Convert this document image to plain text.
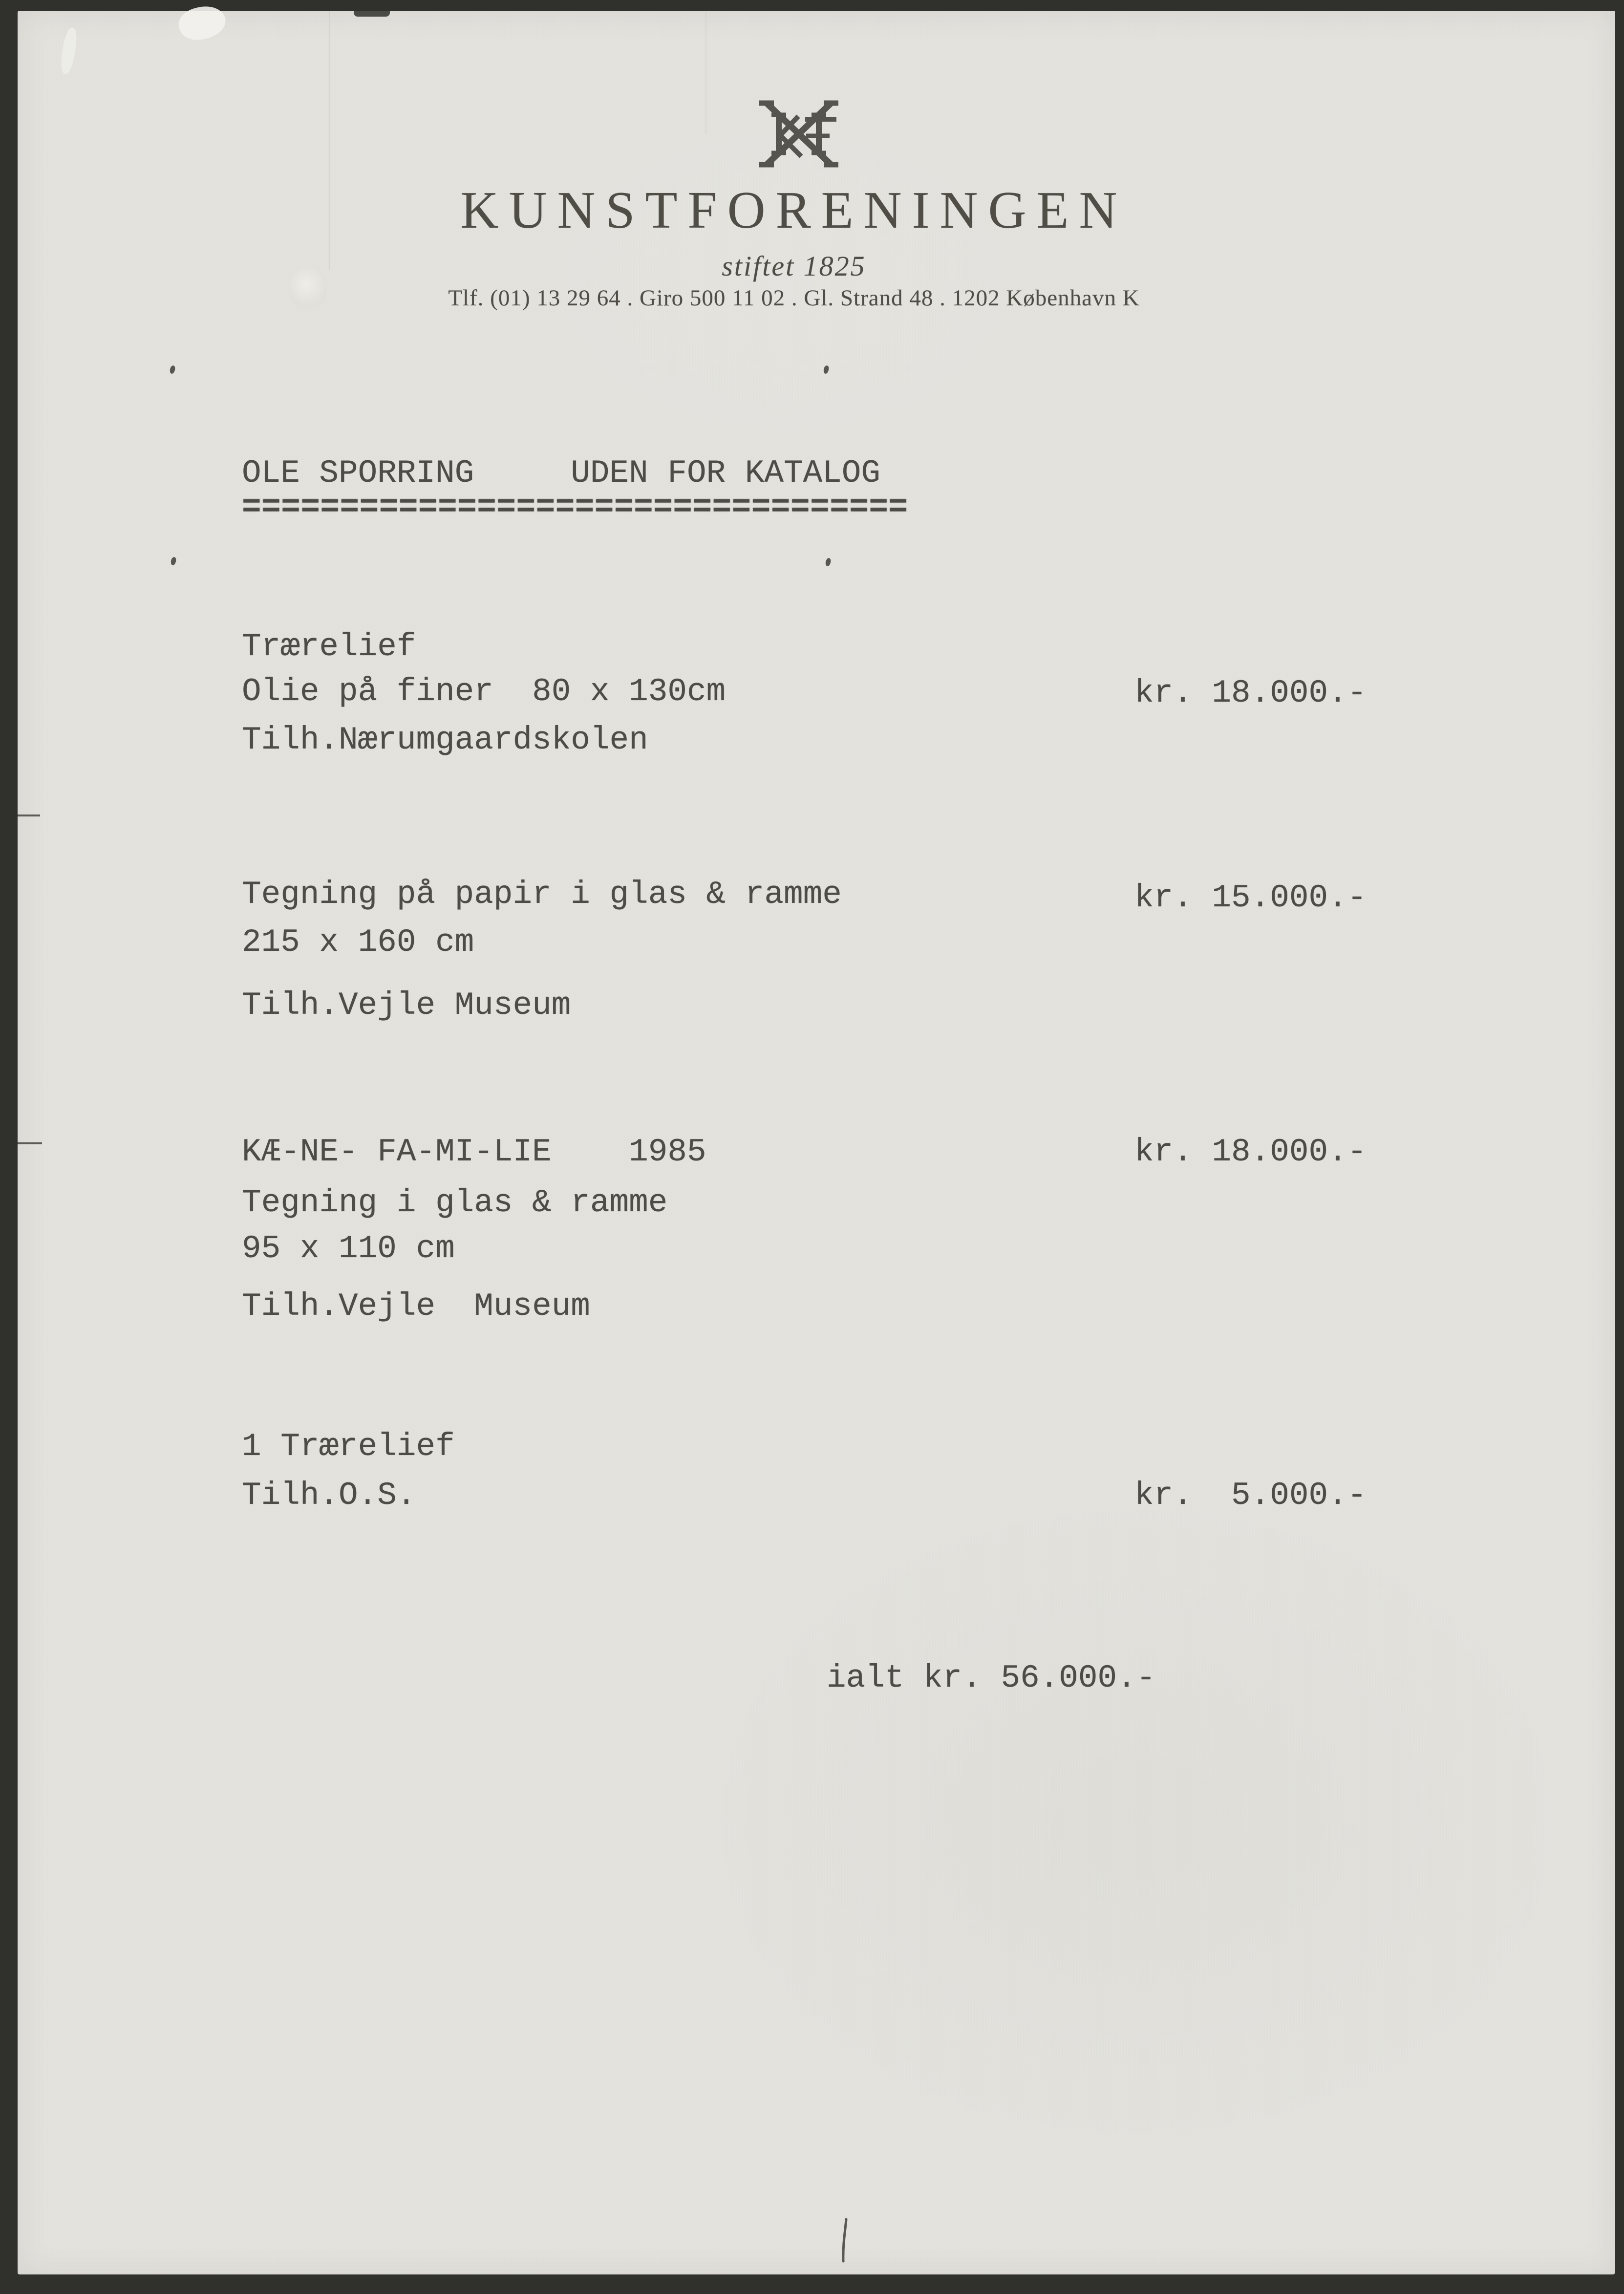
KUNSTFORENINGEN
stiftet 1825
Tlf. (01) 13 29 64 . Giro 500 11 02 . Gl. Strand 48 . 1202 København K
OLE SPORRING     UDEN FOR KATALOG
==================================
Trærelief
Olie på finer  80 x 130cm	kr. 18.000.-
Tilh.Nærumgaardskolen
Tegning på papir i glas & ramme	kr. 15.000.-
215 x 160 cm
Tilh.Vejle Museum
KÆ-NE- FA-MI-LIE    1985	kr. 18.000.-
Tegning i glas & ramme
95 x 110 cm
Tilh.Vejle  Museum
1 Trærelief
Tilh.O.S.	kr.  5.000.-
ialt kr. 56.000.-
